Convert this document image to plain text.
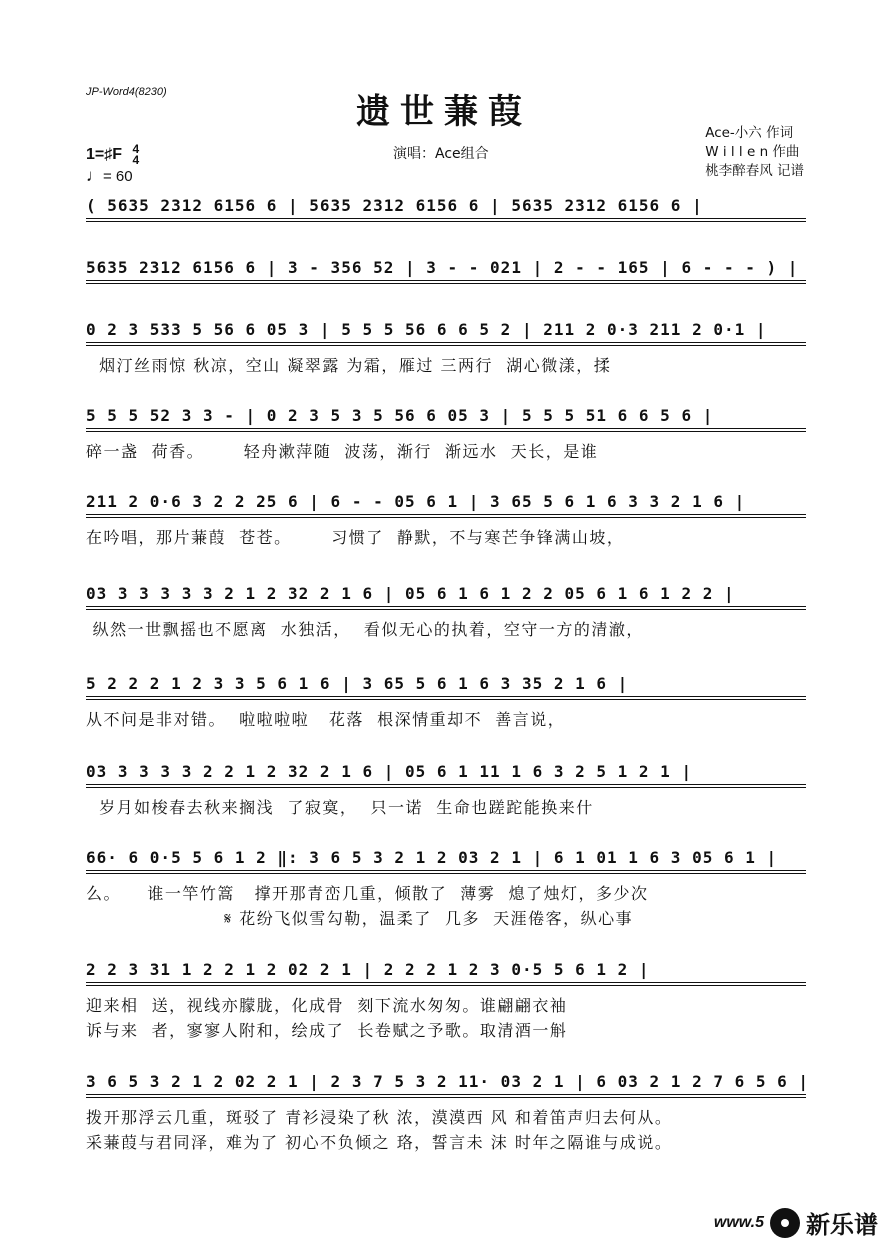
JP-Word4(8230)	遗世蒹葭
演唱：Ace组合
Ace-小六 作词
W i l l e n 作曲
桃李醉春风 记谱
1=♯F 4
4
♩= 60
( 5635 2312 6156 6 | 5635 2312 6156 6 | 5635 2312 6156 6 |
5635 2312 6156 6 | 3 - 356 52 | 3 - - 021 | 2 - - 165 | 6 - - - ) |
0 2 3 533 5 56 6 05 3 | 5 5 5 56 6 6 5 2 | 211 2 0·3 211 2 0·1 |
烟汀丝雨惊 秋凉，空山 凝翠露 为霜，雁过 三两行  湖心微漾，揉
5 5 5 52 3 3 - | 0 2 3 5 3 5 56 6 05 3 | 5 5 5 51 6 6 5 6 |
碎一盏  荷香。      轻舟漱萍随  波荡，渐行  渐远水  天长，是谁
211 2 0·6 3 2 2 25 6 | 6 - - 05 6 1 | 3 65 5 6 1 6 3 3 2 1 6 |
在吟唱，那片蒹葭  苍苍。      习惯了  静默，不与寒芒争锋满山坡，
03 3 3 3 3 3 2 1 2 32 2 1 6 | 05 6 1 6 1 2 2 05 6 1 6 1 2 2 |
纵然一世飘摇也不愿离  水独活，  看似无心的执着，空守一方的清澈，
5 2 2 2 1 2 3 3 5 6 1 6 | 3 65 5 6 1 6 3 35 2 1 6 |
从不问是非对错。  啦啦啦啦   花落  根深情重却不  善言说，
03 3 3 3 3 2 2 1 2 32 2 1 6 | 05 6 1 11 1 6 3 2 5 1 2 1 |
岁月如梭春去秋来搁浅  了寂寞，  只一诺  生命也蹉跎能换来什
66· 6 0·5 5 6 1 2 ‖: 3 6 5 3 2 1 2 03 2 1 | 6 1 01 1 6 3 05 6 1 |
么。    谁一竿竹篙   撑开那青峦几重，倾散了  薄雾  熄了烛灯，多少次
𝄋 花纷飞似雪勾勒，温柔了  几多  天涯倦客，纵心事
2 2 3 31 1 2 2 1 2 02 2 1 | 2 2 2 1 2 3 0·5 5 6 1 2 |
迎来相  送，视线亦朦胧，化成骨  刻下流水匆匆。谁翩翩衣袖
诉与来  者，寥寥人附和，绘成了  长卷赋之予歌。取清酒一斛
3 6 5 3 2 1 2 02 2 1 | 2 3 7 5 3 2 11· 03 2 1 | 6 03 2 1 2 7 6 5 6 |
拨开那浮云几重，斑驳了 青衫浸染了秋 浓，漠漠西 风 和着笛声归去何从。
采蒹葭与君同泽，难为了 初心不负倾之 珞，誓言未 沫 时年之隔谁与成说。
www.5 新乐谱
